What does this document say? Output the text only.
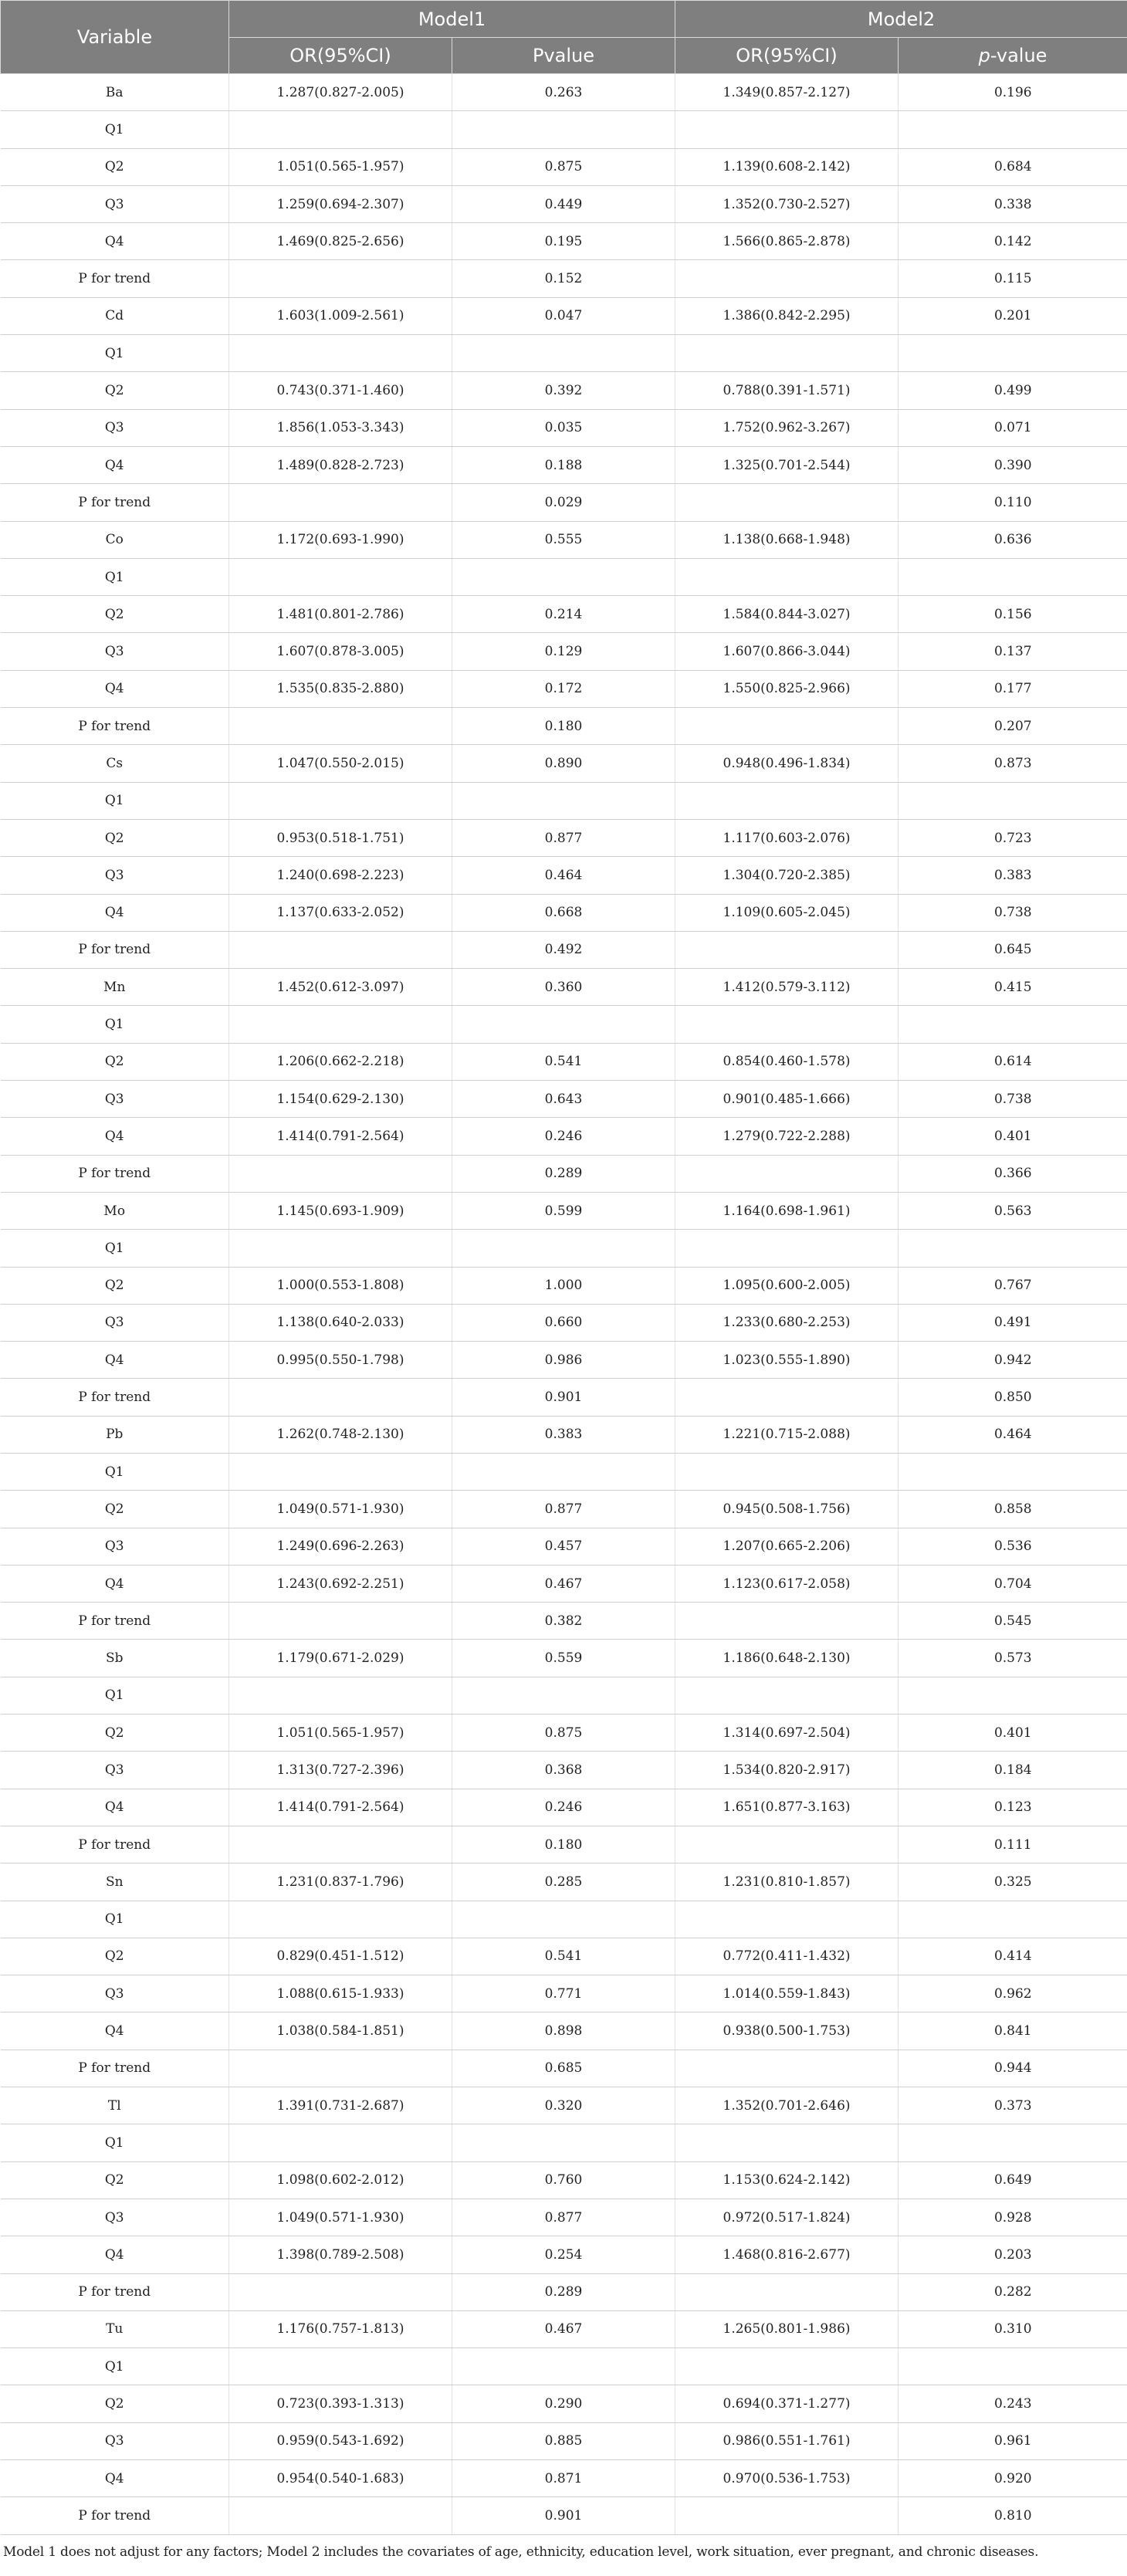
Variable	Model1		Model2	
	OR(95%CI)	Pvalue	OR(95%CI)	p-value
Ba	1.287(0.827-2.005)	0.263	1.349(0.857-2.127)	0.196
Q1				
Q2	1.051(0.565-1.957)	0.875	1.139(0.608-2.142)	0.684
Q3	1.259(0.694-2.307)	0.449	1.352(0.730-2.527)	0.338
Q4	1.469(0.825-2.656)	0.195	1.566(0.865-2.878)	0.142
P for trend		0.152		0.115
Cd	1.603(1.009-2.561)	0.047	1.386(0.842-2.295)	0.201
Q1				
Q2	0.743(0.371-1.460)	0.392	0.788(0.391-1.571)	0.499
Q3	1.856(1.053-3.343)	0.035	1.752(0.962-3.267)	0.071
Q4	1.489(0.828-2.723)	0.188	1.325(0.701-2.544)	0.390
P for trend		0.029		0.110
Co	1.172(0.693-1.990)	0.555	1.138(0.668-1.948)	0.636
Q1				
Q2	1.481(0.801-2.786)	0.214	1.584(0.844-3.027)	0.156
Q3	1.607(0.878-3.005)	0.129	1.607(0.866-3.044)	0.137
Q4	1.535(0.835-2.880)	0.172	1.550(0.825-2.966)	0.177
P for trend		0.180		0.207
Cs	1.047(0.550-2.015)	0.890	0.948(0.496-1.834)	0.873
Q1				
Q2	0.953(0.518-1.751)	0.877	1.117(0.603-2.076)	0.723
Q3	1.240(0.698-2.223)	0.464	1.304(0.720-2.385)	0.383
Q4	1.137(0.633-2.052)	0.668	1.109(0.605-2.045)	0.738
P for trend		0.492		0.645
Mn	1.452(0.612-3.097)	0.360	1.412(0.579-3.112)	0.415
Q1				
Q2	1.206(0.662-2.218)	0.541	0.854(0.460-1.578)	0.614
Q3	1.154(0.629-2.130)	0.643	0.901(0.485-1.666)	0.738
Q4	1.414(0.791-2.564)	0.246	1.279(0.722-2.288)	0.401
P for trend		0.289		0.366
Mo	1.145(0.693-1.909)	0.599	1.164(0.698-1.961)	0.563
Q1				
Q2	1.000(0.553-1.808)	1.000	1.095(0.600-2.005)	0.767
Q3	1.138(0.640-2.033)	0.660	1.233(0.680-2.253)	0.491
Q4	0.995(0.550-1.798)	0.986	1.023(0.555-1.890)	0.942
P for trend		0.901		0.850
Pb	1.262(0.748-2.130)	0.383	1.221(0.715-2.088)	0.464
Q1				
Q2	1.049(0.571-1.930)	0.877	0.945(0.508-1.756)	0.858
Q3	1.249(0.696-2.263)	0.457	1.207(0.665-2.206)	0.536
Q4	1.243(0.692-2.251)	0.467	1.123(0.617-2.058)	0.704
P for trend		0.382		0.545
Sb	1.179(0.671-2.029)	0.559	1.186(0.648-2.130)	0.573
Q1				
Q2	1.051(0.565-1.957)	0.875	1.314(0.697-2.504)	0.401
Q3	1.313(0.727-2.396)	0.368	1.534(0.820-2.917)	0.184
Q4	1.414(0.791-2.564)	0.246	1.651(0.877-3.163)	0.123
P for trend		0.180		0.111
Sn	1.231(0.837-1.796)	0.285	1.231(0.810-1.857)	0.325
Q1				
Q2	0.829(0.451-1.512)	0.541	0.772(0.411-1.432)	0.414
Q3	1.088(0.615-1.933)	0.771	1.014(0.559-1.843)	0.962
Q4	1.038(0.584-1.851)	0.898	0.938(0.500-1.753)	0.841
P for trend		0.685		0.944
Tl	1.391(0.731-2.687)	0.320	1.352(0.701-2.646)	0.373
Q1				
Q2	1.098(0.602-2.012)	0.760	1.153(0.624-2.142)	0.649
Q3	1.049(0.571-1.930)	0.877	0.972(0.517-1.824)	0.928
Q4	1.398(0.789-2.508)	0.254	1.468(0.816-2.677)	0.203
P for trend		0.289		0.282
Tu	1.176(0.757-1.813)	0.467	1.265(0.801-1.986)	0.310
Q1				
Q2	0.723(0.393-1.313)	0.290	0.694(0.371-1.277)	0.243
Q3	0.959(0.543-1.692)	0.885	0.986(0.551-1.761)	0.961
Q4	0.954(0.540-1.683)	0.871	0.970(0.536-1.753)	0.920
P for trend		0.901		0.810
Model 1 does not adjust for any factors; Model 2 includes the covariates of age, ethnicity, education level, work situation, ever pregnant, and chronic diseases.
